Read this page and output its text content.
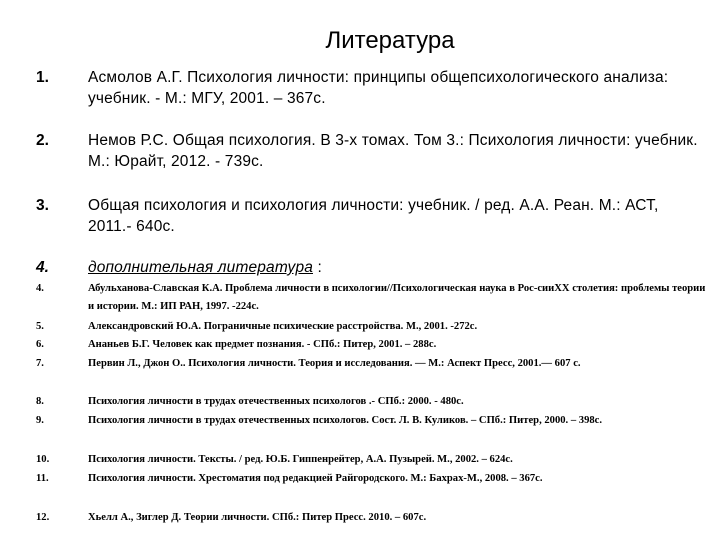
Литература
1.	Асмолов А.Г. Психология личности: принципы общепсихологического анализа: учебник. - М.: МГУ, 2001. – 367с.
2.	Немов Р.С. Общая психология. В 3-х томах. Том 3.: Психология личности: учебник. М.: Юрайт, 2012. - 739с.
3.	Общая психология и психология личности: учебник. / ред. А.А. Реан. М.: АСТ, 2011.- 640с.
4.	дополнительная литература :
4.	Абульханова-Славская К.А. Проблема личности в психологии//Психологическая наука в Рос-сииXX столетия: проблемы теории и истории. М.: ИП РАН, 1997. -224с.
5.	Александровский Ю.А. Пограничные психические расстройства. М., 2001. -272с.
6.	Ананьев Б.Г. Человек как предмет познания. - СПб.: Питер, 2001. – 288с.
7.	Первин Л., Джон О.. Психология личности. Теория и исследования. — М.: Аспект Пресс, 2001.— 607 с.
8.	Психология личности в трудах отечественных психологов .- СПб.: 2000. - 480с.
9.	Психология личности в трудах отечественных психологов. Сост. Л. В. Куликов. – СПб.: Питер, 2000. – 398с.
10.	Психология личности. Тексты. / ред. Ю.Б. Гиппенрейтер, А.А. Пузырей. М., 2002. – 624с.
11.	Психология личности. Хрестоматия под редакцией Райгородского. М.: Бахрах-М., 2008. – 367с.
12.	Хьелл А., Зиглер Д. Теории личности. СПб.: Питер Пресс. 2010. – 607с.
